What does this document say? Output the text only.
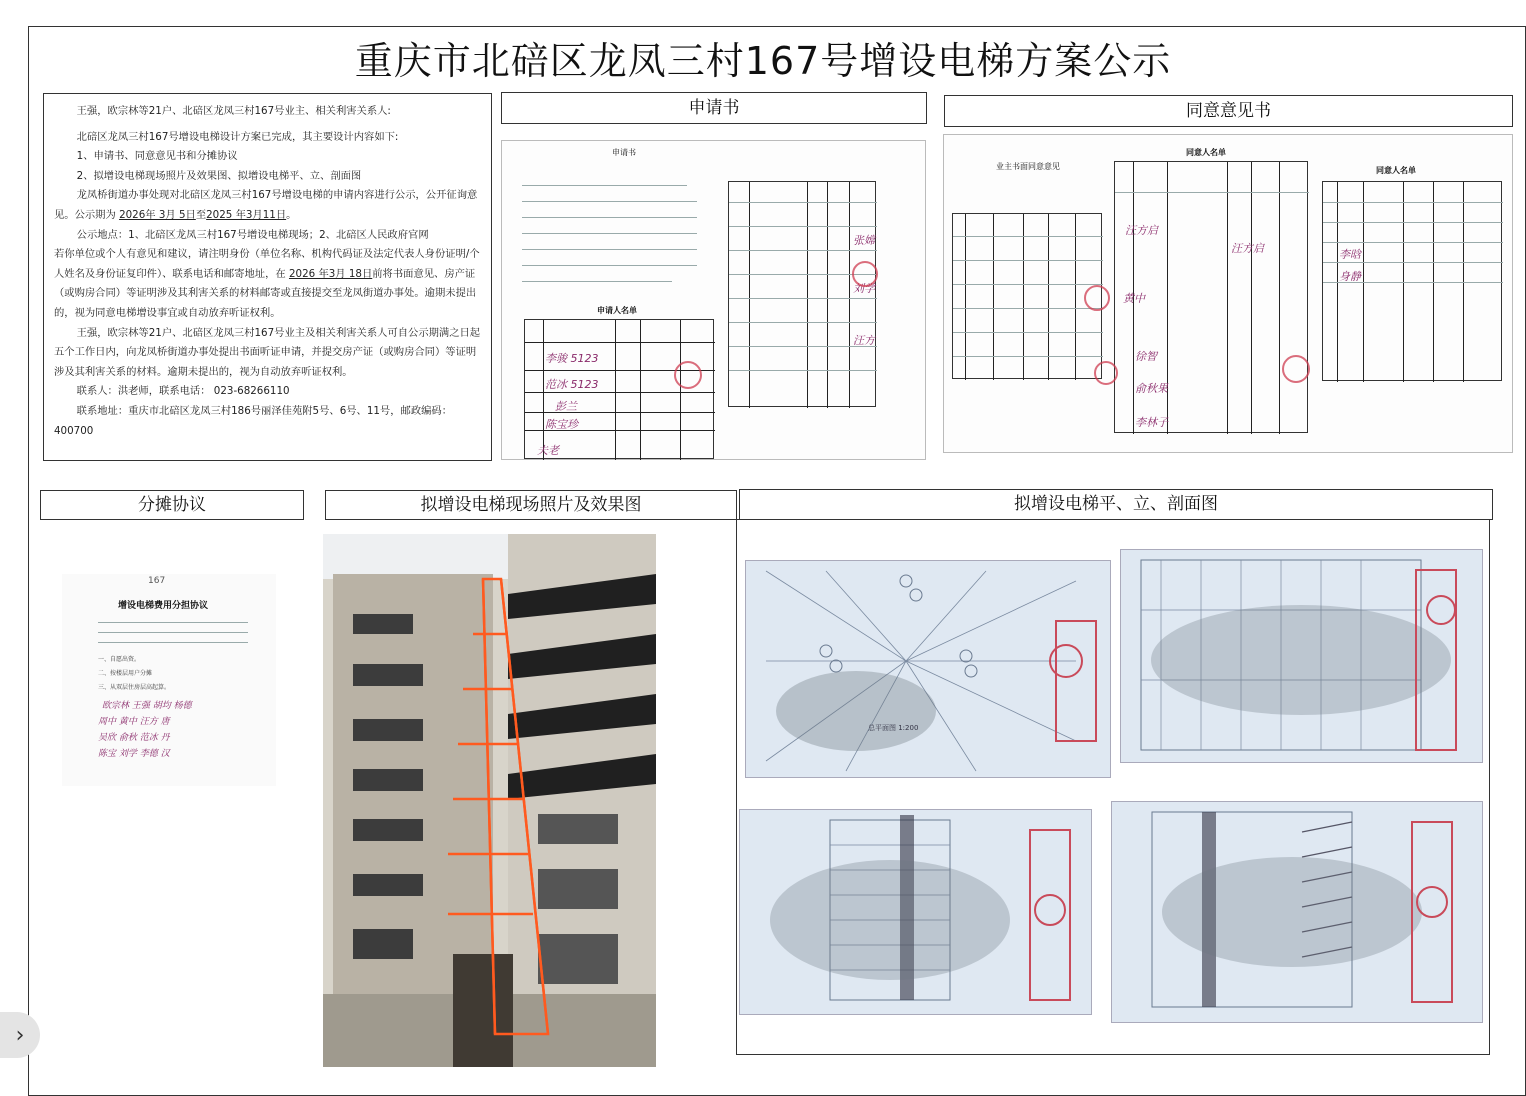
重庆市北碚区龙凤三村167号增设电梯方案公示

王强，欧宗林等21户、北碚区龙凤三村167号业主、相关利害关系人:

北碚区龙凤三村167号增设电梯设计方案已完成，其主要设计内容如下:

1、申请书、同意意见书和分摊协议

2、拟增设电梯现场照片及效果图、拟增设电梯平、立、剖面图

龙凤桥街道办事处现对北碚区龙凤三村167号增设电梯的申请内容进行公示，公开征询意见。公示期为 2026年 3月 5日至2025 年3月11日。

公示地点：1、北碚区龙凤三村167号增设电梯现场；2、北碚区人民政府官网

若你单位或个人有意见和建议，请注明身份（单位名称、机构代码证及法定代表人身份证明/个人姓名及身份证复印件）、联系电话和邮寄地址，在 2026 年3月 18日前将书面意见、房产证（或购房合同）等证明涉及其利害关系的材料邮寄或直接提交至龙凤街道办事处。逾期未提出的，视为同意电梯增设事宜或自动放弃听证权利。

王强，欧宗林等21户、北碚区龙凤三村167号业主及相关利害关系人可自公示期满之日起五个工作日内，向龙凤桥街道办事处提出书面听证申请，并提交房产证（或购房合同）等证明涉及其利害关系的材料。逾期未提出的，视为自动放弃听证权利。

联系人：洪老师，联系电话： 023-68266110

联系地址：重庆市北碚区龙凤三村186号丽泽佳苑附5号、6号、11号，邮政编码：400700

申请书	同意意见书
分摊协议	拟增设电梯现场照片及效果图	拟增设电梯平、立、剖面图
申请书
申请人名单
李骏 5123
范冰 5123
彭兰
陈宝珍
夫老
张嫦
刘学
汪方
业主书面同意意见
同意人名单
汪方启
汪方启
黄中
徐智
俞秋果
李林子
同意人名单
李晗
身静
167
增设电梯费用分担协议
一、自愿出资。
二、按楼层用户分摊
三、从双层住房层高起算。
欧宗林 王强 胡均 杨德
周中 黄中 汪方 唐
吴欣 俞秋 范冰 丹
陈宝 刘学 李德 汉
总平面图 1:200
›
